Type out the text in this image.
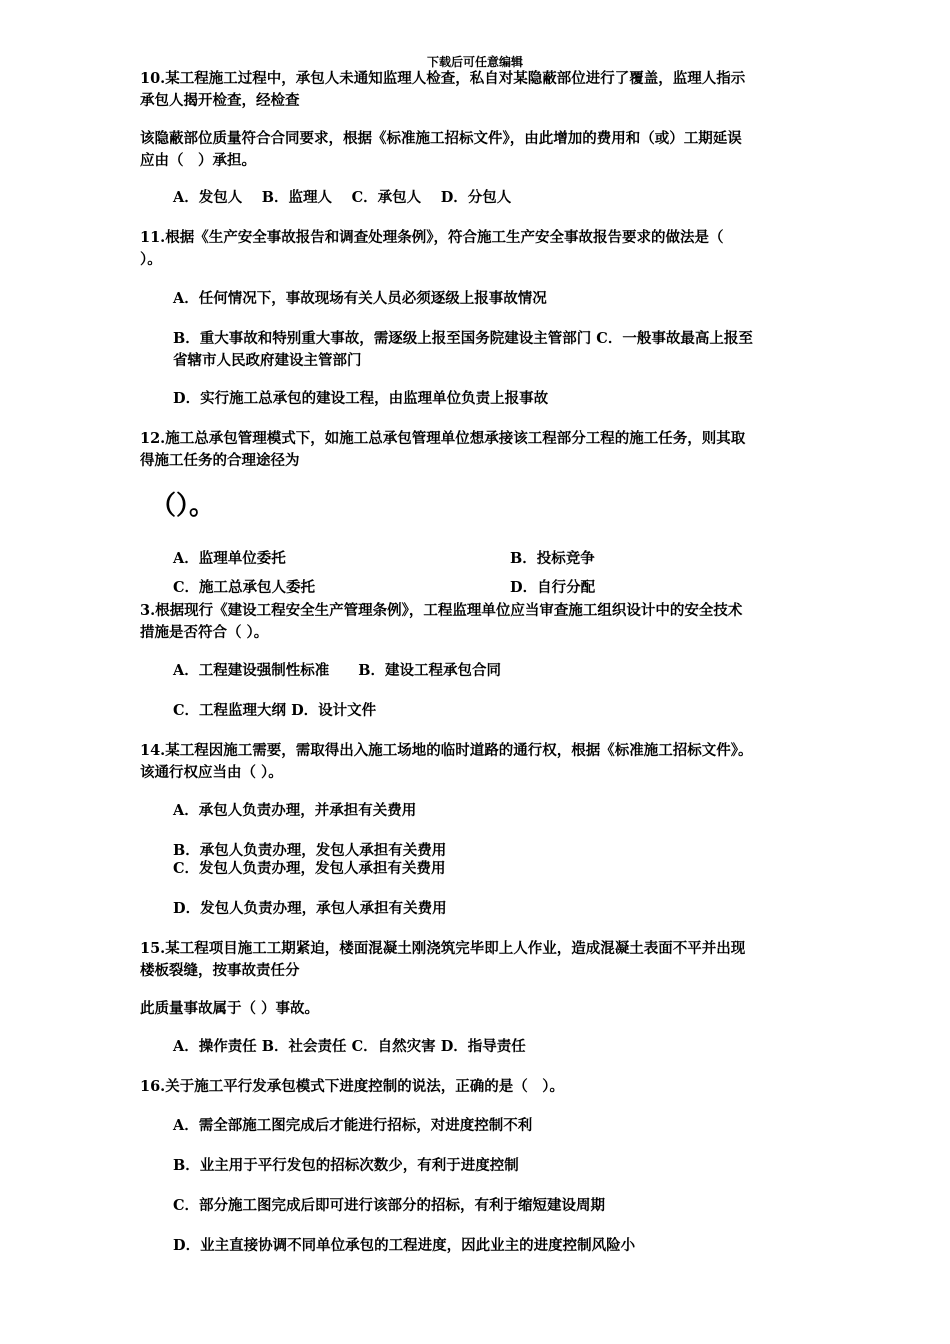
下载后可任意编辑
10.某工程施工过程中，承包人未通知监理人检查，私自对某隐蔽部位进行了覆盖，监理人指示
承包人揭开检查，经检查
该隐蔽部位质量符合合同要求，根据《标准施工招标文件》，由此增加的费用和（或）工期延误
应由（　）承担。
A．发包人　 B．监理人　 C．承包人　 D．分包人
11.根据《生产安全事故报告和调查处理条例》，符合施工生产安全事故报告要求的做法是（
）。
A．任何情况下，事故现场有关人员必须逐级上报事故情况
B．重大事故和特别重大事故，需逐级上报至国务院建设主管部门 C．一般事故最高上报至
省辖市人民政府建设主管部门
D．实行施工总承包的建设工程，由监理单位负责上报事故
12.施工总承包管理模式下，如施工总承包管理单位想承接该工程部分工程的施工任务，则其取
得施工任务的合理途径为
（）。
A．监理单位委托	B．投标竞争
C．施工总承包人委托	D．自行分配
3.根据现行《建设工程安全生产管理条例》，工程监理单位应当审查施工组织设计中的安全技术
措施是否符合（ ）。
A．工程建设强制性标准　　B．建设工程承包合同
C．工程监理大纲 D．设计文件
14.某工程因施工需要，需取得出入施工场地的临时道路的通行权，根据《标准施工招标文件》。
该通行权应当由（ ）。
A．承包人负责办理，并承担有关费用
B．承包人负责办理，发包人承担有关费用
C．发包人负责办理，发包人承担有关费用
D．发包人负责办理，承包人承担有关费用
15.某工程项目施工工期紧迫，楼面混凝土刚浇筑完毕即上人作业，造成混凝土表面不平并出现
楼板裂缝，按事故责任分
此质量事故属于（ ）事故。
A．操作责任 B．社会责任 C．自然灾害 D．指导责任
16.关于施工平行发承包模式下进度控制的说法，正确的是（　）。
A．需全部施工图完成后才能进行招标，对进度控制不利
B．业主用于平行发包的招标次数少，有利于进度控制
C．部分施工图完成后即可进行该部分的招标，有利于缩短建设周期
D．业主直接协调不同单位承包的工程进度，因此业主的进度控制风险小
